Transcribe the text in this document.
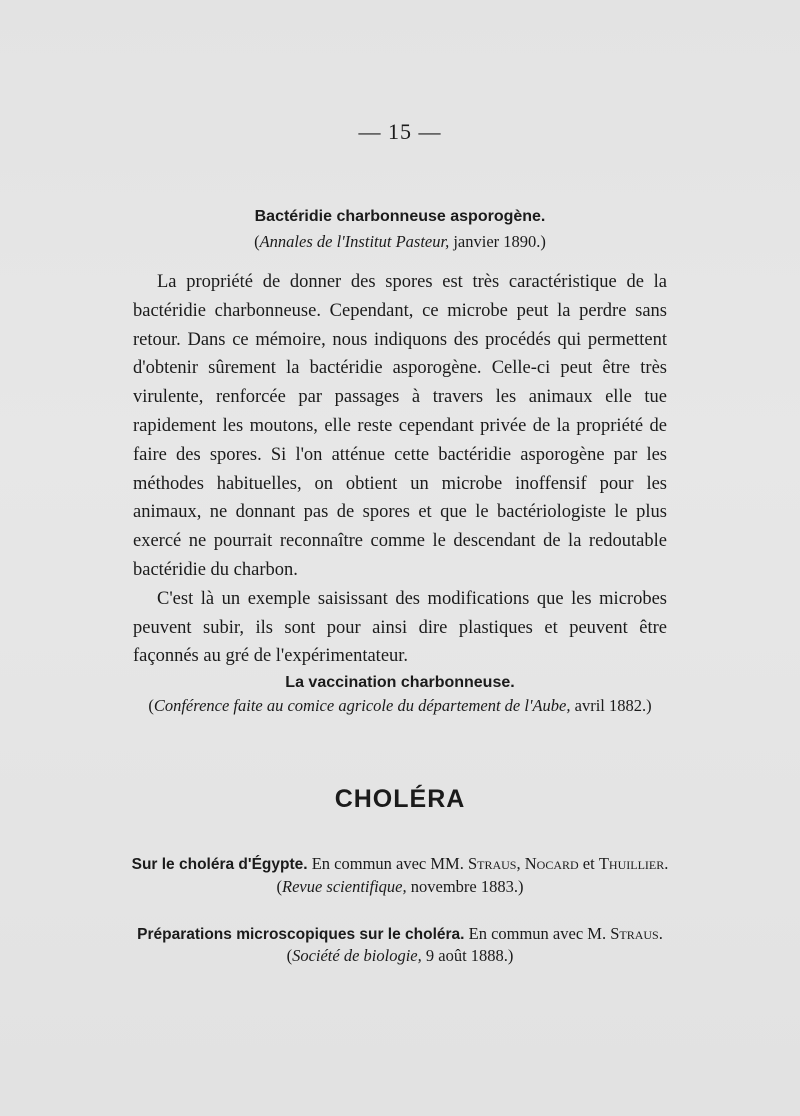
— 15 —
Bactéridie charbonneuse asporogène.
(Annales de l'Institut Pasteur, janvier 1890.)

La propriété de donner des spores est très caractéristique de la bactéridie charbonneuse. Cependant, ce microbe peut la perdre sans retour. Dans ce mémoire, nous indiquons des procédés qui permettent d'obtenir sûrement la bactéridie asporogène. Celle-ci peut être très virulente, renforcée par passages à travers les animaux elle tue rapidement les moutons, elle reste cependant privée de la propriété de faire des spores. Si l'on atténue cette bactéridie asporogène par les méthodes habituelles, on obtient un microbe inoffensif pour les animaux, ne donnant pas de spores et que le bactériologiste le plus exercé ne pourrait reconnaître comme le descendant de la redoutable bactéridie du charbon.

C'est là un exemple saisissant des modifications que les microbes peuvent subir, ils sont pour ainsi dire plastiques et peuvent être façonnés au gré de l'expérimentateur.

La vaccination charbonneuse.
(Conférence faite au comice agricole du département de l'Aube, avril 1882.)
CHOLÉRA
Sur le choléra d'Égypte. En commun avec MM. Straus, Nocard et Thuillier.
(Revue scientifique, novembre 1883.)
Préparations microscopiques sur le choléra. En commun avec M. Straus.
(Société de biologie, 9 août 1888.)
